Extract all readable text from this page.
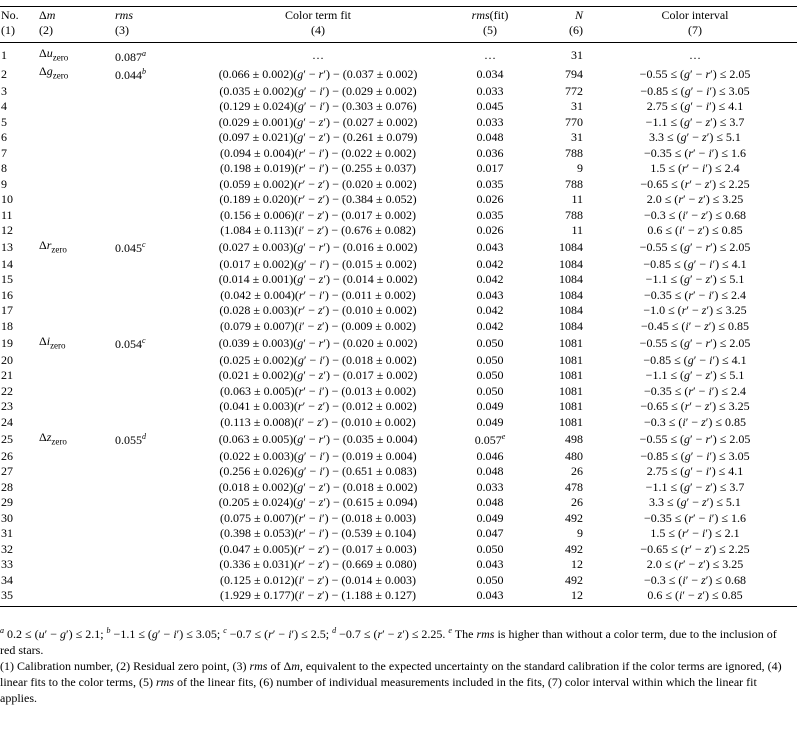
No.	Δm	rms	Color term fit	rms(fit)	N	Color interval
(1)	(2)	(3)	(4)	(5)	(6)	(7)
1	$\Delta u_{zero}$	0.087$^a$	…	…	31	…
2	$\Delta g_{zero}$	0.044$^b$	(0.066 ± 0.002)(g′ − r′) − (0.037 ± 0.002)	0.034	794	−0.55 ≤ (g′ − r′) ≤ 2.05
3			(0.035 ± 0.002)(g′ − i′) − (0.029 ± 0.002)	0.033	772	−0.85 ≤ (g′ − i′) ≤ 3.05
4			(0.129 ± 0.024)(g′ − i′) − (0.303 ± 0.076)	0.045	31	2.75 ≤ (g′ − i′) ≤ 4.1
5			(0.029 ± 0.001)(g′ − z′) − (0.027 ± 0.002)	0.033	770	−1.1 ≤ (g′ − z′) ≤ 3.7
6			(0.097 ± 0.021)(g′ − z′) − (0.261 ± 0.079)	0.048	31	3.3 ≤ (g′ − z′) ≤ 5.1
7			(0.094 ± 0.004)(r′ − i′) − (0.022 ± 0.002)	0.036	788	−0.35 ≤ (r′ − i′) ≤ 1.6
8			(0.198 ± 0.019)(r′ − i′) − (0.255 ± 0.037)	0.017	9	1.5 ≤ (r′ − i′) ≤ 2.4
9			(0.059 ± 0.002)(r′ − z′) − (0.020 ± 0.002)	0.035	788	−0.65 ≤ (r′ − z′) ≤ 2.25
10			(0.189 ± 0.020)(r′ − z′) − (0.384 ± 0.052)	0.026	11	2.0 ≤ (r′ − z′) ≤ 3.25
11			(0.156 ± 0.006)(i′ − z′) − (0.017 ± 0.002)	0.035	788	−0.3 ≤ (i′ − z′) ≤ 0.68
12			(1.084 ± 0.113)(i′ − z′) − (0.676 ± 0.082)	0.026	11	0.6 ≤ (i′ − z′) ≤ 0.85
13	$\Delta r_{zero}$	0.045$^c$	(0.027 ± 0.003)(g′ − r′) − (0.016 ± 0.002)	0.043	1084	−0.55 ≤ (g′ − r′) ≤ 2.05
14			(0.017 ± 0.002)(g′ − i′) − (0.015 ± 0.002)	0.042	1084	−0.85 ≤ (g′ − i′) ≤ 4.1
15			(0.014 ± 0.001)(g′ − z′) − (0.014 ± 0.002)	0.042	1084	−1.1 ≤ (g′ − z′) ≤ 5.1
16			(0.042 ± 0.004)(r′ − i′) − (0.011 ± 0.002)	0.043	1084	−0.35 ≤ (r′ − i′) ≤ 2.4
17			(0.028 ± 0.003)(r′ − z′) − (0.010 ± 0.002)	0.042	1084	−1.0 ≤ (r′ − z′) ≤ 3.25
18			(0.079 ± 0.007)(i′ − z′) − (0.009 ± 0.002)	0.042	1084	−0.45 ≤ (i′ − z′) ≤ 0.85
19	$\Delta i_{zero}$	0.054$^c$	(0.039 ± 0.003)(g′ − r′) − (0.020 ± 0.002)	0.050	1081	−0.55 ≤ (g′ − r′) ≤ 2.05
20			(0.025 ± 0.002)(g′ − i′) − (0.018 ± 0.002)	0.050	1081	−0.85 ≤ (g′ − i′) ≤ 4.1
21			(0.021 ± 0.002)(g′ − z′) − (0.017 ± 0.002)	0.050	1081	−1.1 ≤ (g′ − z′) ≤ 5.1
22			(0.063 ± 0.005)(r′ − i′) − (0.013 ± 0.002)	0.050	1081	−0.35 ≤ (r′ − i′) ≤ 2.4
23			(0.041 ± 0.003)(r′ − z′) − (0.012 ± 0.002)	0.049	1081	−0.65 ≤ (r′ − z′) ≤ 3.25
24			(0.113 ± 0.008)(i′ − z′) − (0.010 ± 0.002)	0.049	1081	−0.3 ≤ (i′ − z′) ≤ 0.85
25	$\Delta z_{zero}$	0.055$^d$	(0.063 ± 0.005)(g′ − r′) − (0.035 ± 0.004)	0.057e	498	−0.55 ≤ (g′ − r′) ≤ 2.05
26			(0.022 ± 0.003)(g′ − i′) − (0.019 ± 0.004)	0.046	480	−0.85 ≤ (g′ − i′) ≤ 3.05
27			(0.256 ± 0.026)(g′ − i′) − (0.651 ± 0.083)	0.048	26	2.75 ≤ (g′ − i′) ≤ 4.1
28			(0.018 ± 0.002)(g′ − z′) − (0.018 ± 0.002)	0.033	478	−1.1 ≤ (g′ − z′) ≤ 3.7
29			(0.205 ± 0.024)(g′ − z′) − (0.615 ± 0.094)	0.048	26	3.3 ≤ (g′ − z′) ≤ 5.1
30			(0.075 ± 0.007)(r′ − i′) − (0.018 ± 0.003)	0.049	492	−0.35 ≤ (r′ − i′) ≤ 1.6
31			(0.398 ± 0.053)(r′ − i′) − (0.539 ± 0.104)	0.047	9	1.5 ≤ (r′ − i′) ≤ 2.1
32			(0.047 ± 0.005)(r′ − z′) − (0.017 ± 0.003)	0.050	492	−0.65 ≤ (r′ − z′) ≤ 2.25
33			(0.336 ± 0.031)(r′ − z′) − (0.669 ± 0.080)	0.043	12	2.0 ≤ (r′ − z′) ≤ 3.25
34			(0.125 ± 0.012)(i′ − z′) − (0.014 ± 0.003)	0.050	492	−0.3 ≤ (i′ − z′) ≤ 0.68
35			(1.929 ± 0.177)(i′ − z′) − (1.188 ± 0.127)	0.043	12	0.6 ≤ (i′ − z′) ≤ 0.85

$^a$ 0.2 ≤ (u′ − g′) ≤ 2.1; $^b$ −1.1 ≤ (g′ − i′) ≤ 3.05; $^c$ −0.7 ≤ (r′ − i′) ≤ 2.5; $^d$ −0.7 ≤ (r′ − z′) ≤ 2.25. $^e$ The rms is higher than without a color term, due to the inclusion of red stars.

(1) Calibration number, (2) Residual zero point, (3) rms of Δm, equivalent to the expected uncertainty on the standard calibration if the color terms are ignored, (4) linear fits to the color terms, (5) rms of the linear fits, (6) number of individual measurements included in the fits, (7) color interval within which the linear fit applies.
